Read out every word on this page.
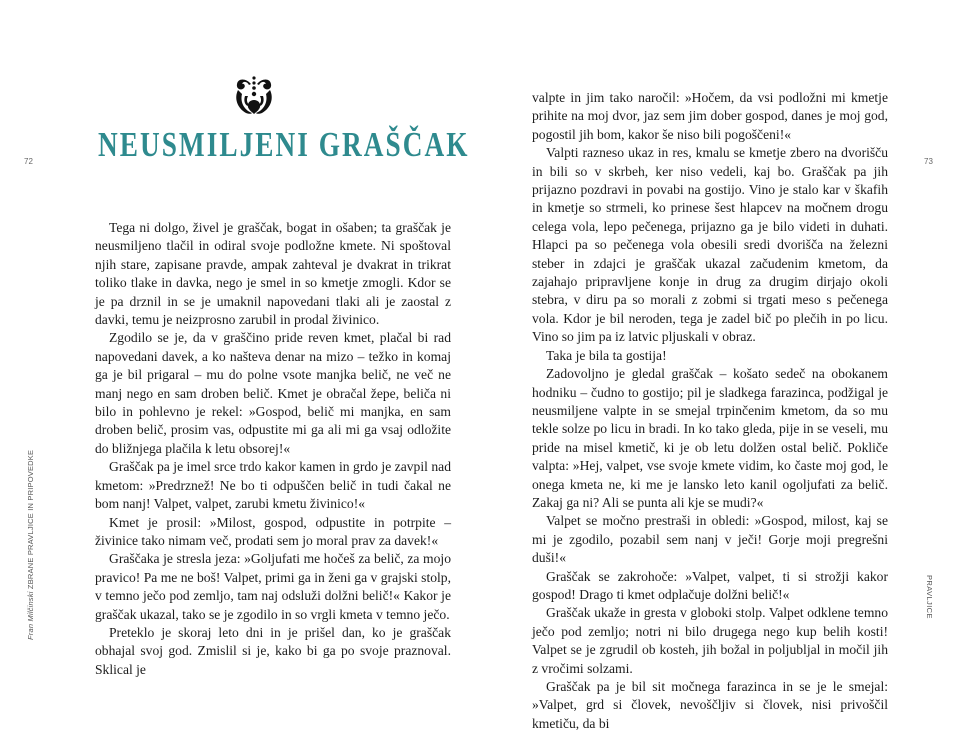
72 NEUSMILJENI GRAŠČAK

Tega ni dolgo, živel je graščak, bogat in ošaben; ta graščak je neusmiljeno tlačil in odiral svoje podložne kmete. Ni spoštoval njih stare, zapisane pravde, ampak zahteval je dvakrat in trikrat toliko tlake in davka, nego je smel in so kmetje zmogli. Kdor se je pa drznil in se je umaknil napovedani tlaki ali je zaostal z davki, temu je neizprosno zarubil in prodal živinico.

Zgodilo se je, da v graščino pride reven kmet, plačal bi rad napovedani davek, a ko našteva denar na mizo – težko in komaj ga je bil prigaral – mu do polne vsote manjka belič, ne več ne manj nego en sam droben belič. Kmet je obračal žepe, beliča ni bilo in pohlevno je rekel: »Gospod, belič mi manjka, en sam droben belič, prosim vas, odpustite mi ga ali mi ga vsaj odložite do bližnjega plačila k letu obsorej!«

Graščak pa je imel srce trdo kakor kamen in grdo je zavpil nad kmetom: »Predrznež! Ne bo ti odpuščen belič in tudi čakal ne bom nanj! Valpet, valpet, zarubi kmetu živinico!«

Kmet je prosil: »Milost, gospod, odpustite in potrpite – živinice tako nimam več, prodati sem jo moral prav za davek!«

Graščaka je stresla jeza: »Goljufati me hočeš za belič, za mojo pravico! Pa me ne boš! Valpet, primi ga in ženi ga v grajski stolp, v temno ječo pod zemljo, tam naj odsluži dolžni belič!« Kakor je graščak ukazal, tako se je zgodilo in so vrgli kmeta v temno ječo.

Preteklo je skoraj leto dni in je prišel dan, ko je graščak obhajal svoj god. Zmislil si je, kako bi ga po svoje praznoval. Sklical je

Fran Milčinski ZBRANE PRAVLJICE IN PRIPOVEDKE
73

valpte in jim tako naročil: »Hočem, da vsi podložni mi kmetje prihite na moj dvor, jaz sem jim dober gospod, danes je moj god, pogostil jih bom, kakor še niso bili pogoščeni!«

Valpti razneso ukaz in res, kmalu se kmetje zbero na dvorišču in bili so v skrbeh, ker niso vedeli, kaj bo. Graščak pa jih prijazno pozdravi in povabi na gostijo. Vino je stalo kar v škafih in kmetje so strmeli, ko prinese šest hlapcev na močnem drogu celega vola, lepo pečenega, prijazno ga je bilo videti in duhati. Hlapci pa so pečenega vola obesili sredi dvorišča na železni steber in zdajci je graščak ukazal začudenim kmetom, da zajahajo pripravljene konje in drug za drugim dirjajo okoli stebra, v diru pa so morali z zobmi si trgati meso s pečenega vola. Kdor je bil neroden, tega je zadel bič po plečih in po licu. Vino so jim pa iz latvic pljuskali v obraz.

Taka je bila ta gostija!

Zadovoljno je gledal graščak – košato sedeč na obokanem hodniku – čudno to gostijo; pil je sladkega farazinca, podžigal je neusmiljene valpte in se smejal trpinčenim kmetom, da so mu tekle solze po licu in bradi. In ko tako gleda, pije in se veseli, mu pride na misel kmetič, ki je ob letu dolžen ostal belič. Pokliče valpta: »Hej, valpet, vse svoje kmete vidim, ko časte moj god, le onega kmeta ne, ki me je lansko leto kanil ogoljufati za belič. Zakaj ga ni? Ali se punta ali kje se mudi?«

Valpet se močno prestraši in obledi: »Gospod, milost, kaj se mi je zgodilo, pozabil sem nanj v ječi! Gorje moji pregrešni duši!«

Graščak se zakrohoče: »Valpet, valpet, ti si strožji kakor gospod! Drago ti kmet odplačuje dolžni belič!«

Graščak ukaže in gresta v globoki stolp. Valpet odklene temno ječo pod zemljo; notri ni bilo drugega nego kup belih kosti! Valpet se je zgrudil ob kosteh, jih božal in poljubljal in močil jih z vročimi solzami.

Graščak pa je bil sit močnega farazinca in se je le smejal: »Valpet, grd si človek, nevoščljiv si človek, nisi privoščil kmetiču, da bi

PRAVLJICE
